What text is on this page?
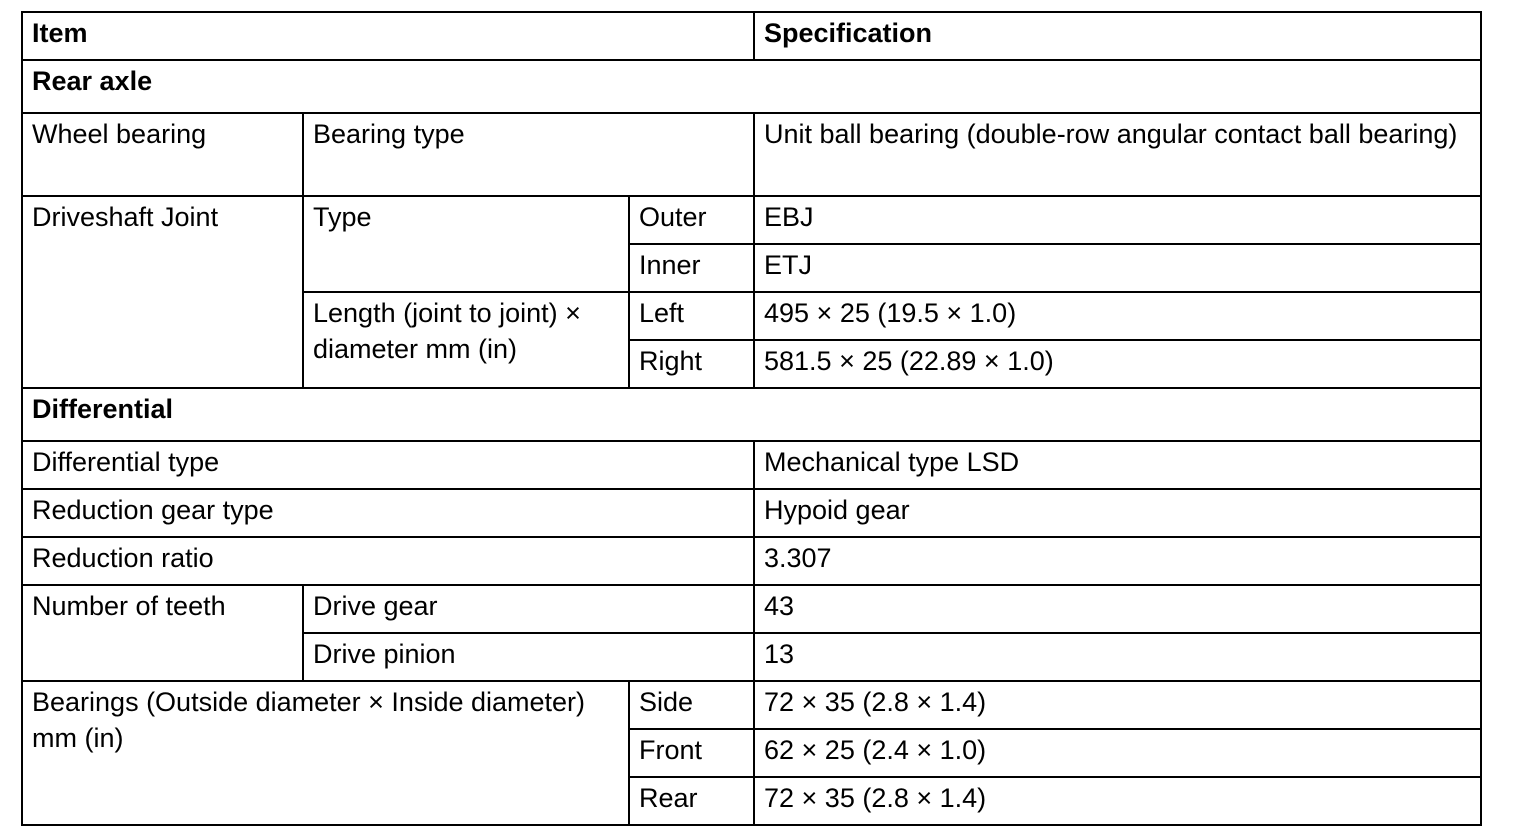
Item			Specification
Rear axle			
Wheel bearing	Bearing type		Unit ball bearing (double-row angular contact ball bearing)
Driveshaft Joint	Type	Outer	EBJ
		Inner	ETJ
	Length (joint to joint) × diameter mm (in)	Left	495 × 25 (19.5 × 1.0)
		Right	581.5 × 25 (22.89 × 1.0)
Differential			
Differential type			Mechanical type LSD
Reduction gear type			Hypoid gear
Reduction ratio			3.307
Number of teeth	Drive gear		43
	Drive pinion		13
Bearings (Outside diameter × Inside diameter) mm (in)		Side	72 × 35 (2.8 × 1.4)
		Front	62 × 25 (2.4 × 1.0)
		Rear	72 × 35 (2.8 × 1.4)
